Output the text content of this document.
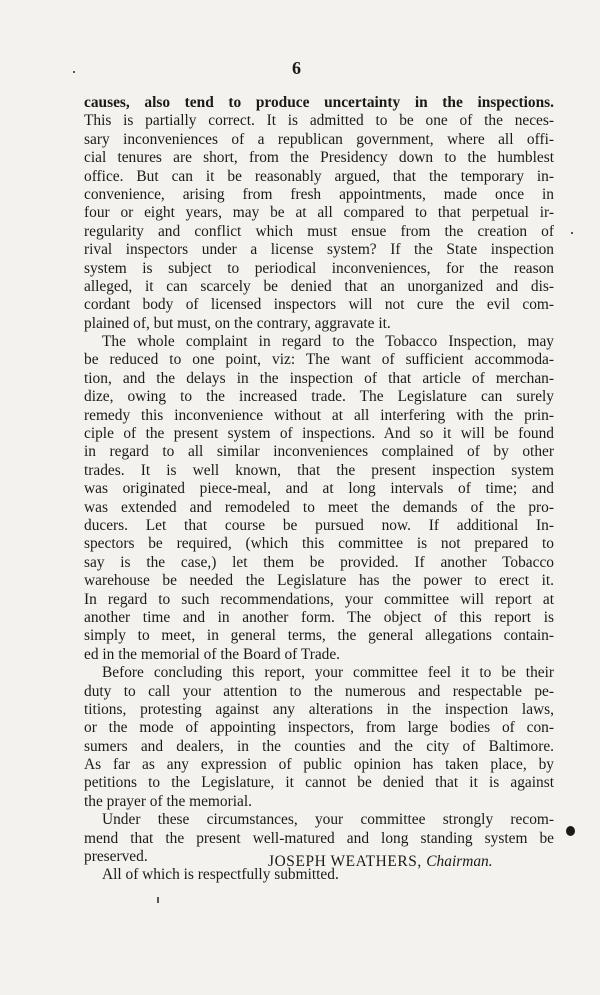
6
causes, also tend to produce uncertainty in the inspections.
This is partially correct. It is admitted to be one of the neces-
sary inconveniences of a republican government, where all offi-
cial tenures are short, from the Presidency down to the humblest
office. But can it be reasonably argued, that the temporary in-
convenience, arising from fresh appointments, made once in
four or eight years, may be at all compared to that perpetual ir-
regularity and conflict which must ensue from the creation of
rival inspectors under a license system? If the State inspection
system is subject to periodical inconveniences, for the reason
alleged, it can scarcely be denied that an unorganized and dis-
cordant body of licensed inspectors will not cure the evil com-
plained of, but must, on the contrary, aggravate it.
The whole complaint in regard to the Tobacco Inspection, may
be reduced to one point, viz: The want of sufficient accommoda-
tion, and the delays in the inspection of that article of merchan-
dize, owing to the increased trade. The Legislature can surely
remedy this inconvenience without at all interfering with the prin-
ciple of the present system of inspections. And so it will be found
in regard to all similar inconveniences complained of by other
trades. It is well known, that the present inspection system
was originated piece-meal, and at long intervals of time; and
was extended and remodeled to meet the demands of the pro-
ducers. Let that course be pursued now. If additional In-
spectors be required, (which this committee is not prepared to
say is the case,) let them be provided. If another Tobacco
warehouse be needed the Legislature has the power to erect it.
In regard to such recommendations, your committee will report at
another time and in another form. The object of this report is
simply to meet, in general terms, the general allegations contain-
ed in the memorial of the Board of Trade.
Before concluding this report, your committee feel it to be their
duty to call your attention to the numerous and respectable pe-
titions, protesting against any alterations in the inspection laws,
or the mode of appointing inspectors, from large bodies of con-
sumers and dealers, in the counties and the city of Baltimore.
As far as any expression of public opinion has taken place, by
petitions to the Legislature, it cannot be denied that it is against
the prayer of the memorial.
Under these circumstances, your committee strongly recom-
mend that the present well-matured and long standing system be
preserved.
All of which is respectfully submitted.
JOSEPH WEATHERS, Chairman.
